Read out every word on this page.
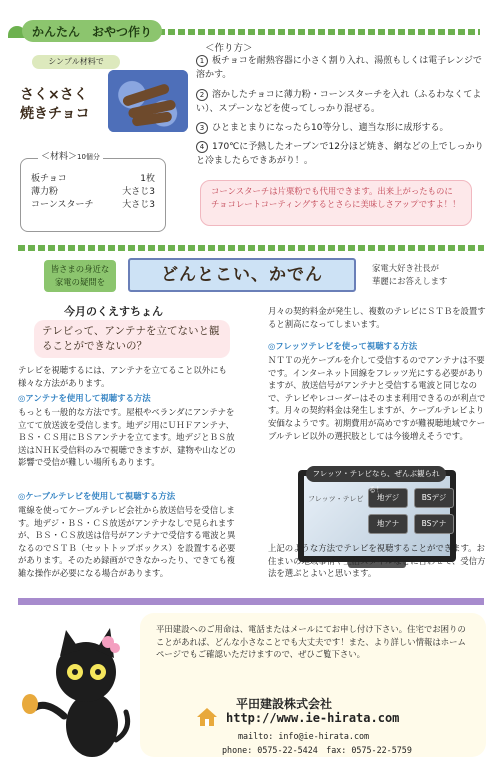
かんたん　おやつ作り
シンプル材料で
さく×さく
焼きチョコ
板チョコ	1枚
薄力粉	大さじ3
コーンスターチ	大さじ3
＜材料＞10個分
＜作り方＞
1 板チョコを耐熱容器に小さく割り入れ、湯煎もしくは電子レンジで溶かす。
2 溶かしたチョコに薄力粉・コーンスターチを入れ（ふるわなくてよい）、スプーンなどを使ってしっかり混ぜる。
3 ひとまとまりになったら10等分し、適当な形に成形する。
4 170℃に予熱したオーブンで12分ほど焼き、網などの上でしっかりと冷ましたらできあがり！。
コーンスターチは片栗粉でも代用できます。出来上がったものにチョコレートコーティングするとさらに美味しさアップですよ！！
皆さまの身近な家電の疑問を	どんとこい、かでん	家電大好き社長が
華麗にお答えします
今月のくえすちょん
テレビって、アンテナを立てないと観ることができないの？
テレビを視聴するには、アンテナを立てること以外にも様々な方法があります。
◎アンテナを使用して視聴する方法
もっとも一般的な方法です。屋根やベランダにアンテナを立てて放送波を受信します。地デジ用にＵＨＦアンテナ、ＢＳ・ＣＳ用にＢＳアンテナを立てます。地デジとＢＳ放送はＮＨＫ受信料のみで視聴できますが、建物や山などの影響で受信が難しい場所もあります。
◎ケーブルテレビを使用して視聴する方法
電線を使ってケーブルテレビ会社から放送信号を受信します。地デジ・ＢＳ・ＣＳ放送がアンテナなしで見られますが、ＢＳ・ＣＳ放送は信号がアンテナで受信する電波と異なるのでＳＴＢ（セットトップボックス）を設置する必要があります。そのため録画ができなかったり、できても複雑な操作が必要になる場合があります。
月々の契約料金が発生し、複数のテレビにＳＴＢを設置すると割高になってしまいます。
◎フレッツテレビを使って視聴する方法
ＮＴＴの光ケーブルを介して受信するのでアンテナは不要です。インターネット回線をフレッツ光にする必要がありますが、放送信号がアンテナと受信する電波と同じなので、テレビやレコーダーはそのまま利用できるのが利点です。月々の契約料金は発生しますが、ケーブルテレビより安価なようです。初期費用が高めですが難視聴地域でケーブルテレビ以外の選択肢としては今後増えそうです。
フレッツ・テレビ	地デジ	BSデジ
地アナ	BSアナ
フレッツ・テレビなら、ぜんぶ観られる！
上記のような方法でテレビを視聴することができます。お住まいの地域事情や生活スタイルなどに合わせて、受信方法を選ぶとよいと思います。
平田建設へのご用命は、電話またはメールにてお申し付け下さい。住宅でお困りのことがあれば、どんな小さなことでも大丈夫です！また、より詳しい情報はホームページでもご確認いただけますので、ぜひご覧下さい。
平田建設株式会社
http://www.ie-hirata.com
mailto: info@ie-hirata.com
phone: 0575-22-5424　fax: 0575-22-5759
